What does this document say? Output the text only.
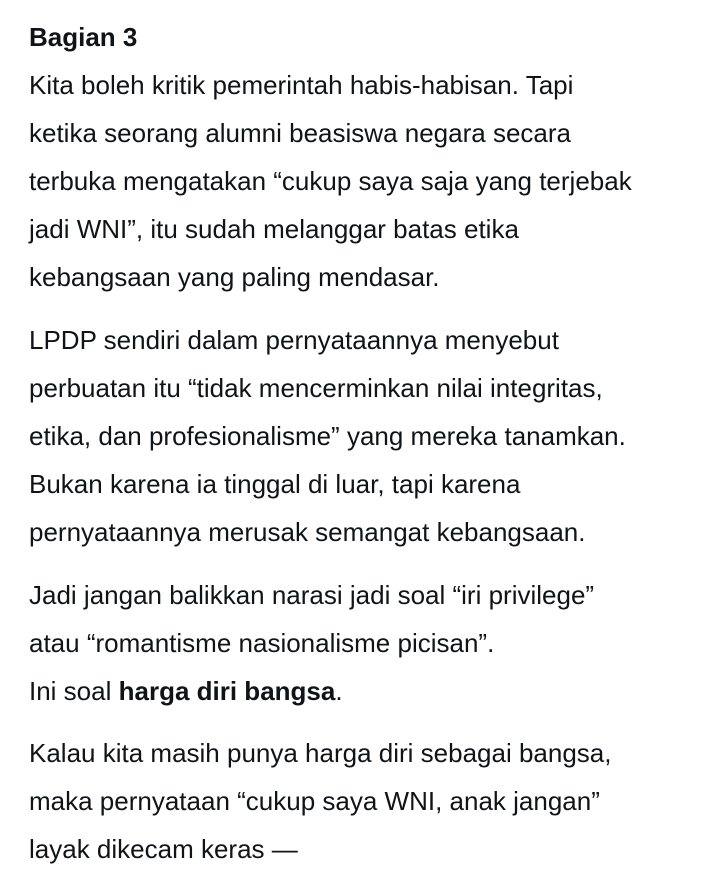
Bagian 3
Kita boleh kritik pemerintah habis-habisan. Tapi
ketika seorang alumni beasiswa negara secara
terbuka mengatakan “cukup saya saja yang terjebak
jadi WNI”, itu sudah melanggar batas etika
kebangsaan yang paling mendasar.
LPDP sendiri dalam pernyataannya menyebut
perbuatan itu “tidak mencerminkan nilai integritas,
etika, dan profesionalisme” yang mereka tanamkan.
Bukan karena ia tinggal di luar, tapi karena
pernyataannya merusak semangat kebangsaan.
Jadi jangan balikkan narasi jadi soal “iri privilege”
atau “romantisme nasionalisme picisan”.
Ini soal harga diri bangsa.
Kalau kita masih punya harga diri sebagai bangsa,
maka pernyataan “cukup saya WNI, anak jangan”
layak dikecam keras —
